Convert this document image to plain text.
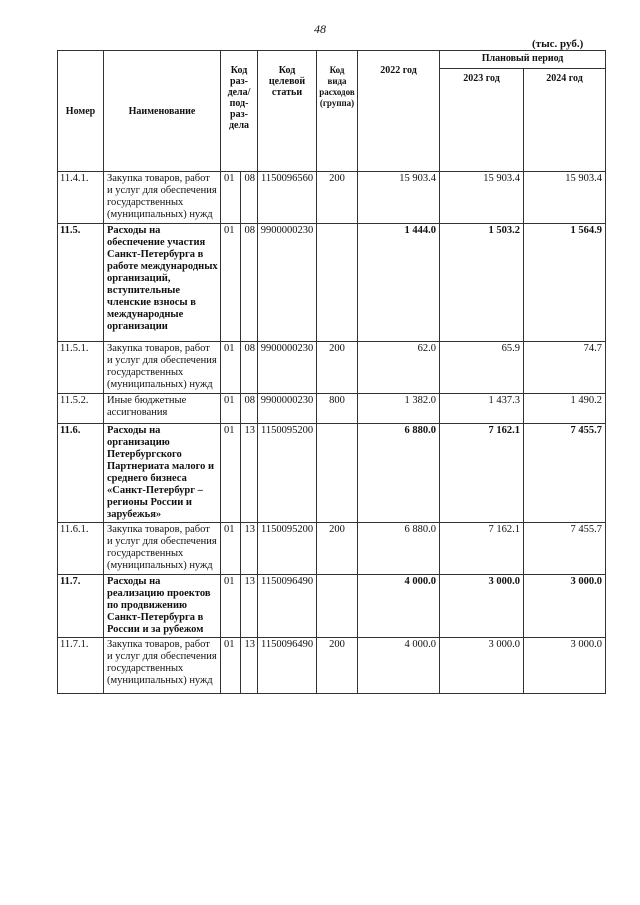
48
(тыс. руб.)
Номер	Наименование	Код раз- дела/ под- раз- дела		Код целевой статьи	Код вида расходов (группа)	2022 год	Плановый период	
							2023 год	2024 год
11.4.1.	Закупка товаров, работ и услуг для обеспечения государственных (муниципальных) нужд	01	08	1150096560	200	15 903.4	15 903.4	15 903.4
11.5.	Расходы на обеспечение участия Санкт-Петербурга в работе международных организаций, вступительные членские взносы в международные организации	01	08	9900000230		1 444.0	1 503.2	1 564.9
11.5.1.	Закупка товаров, работ и услуг для обеспечения государственных (муниципальных) нужд	01	08	9900000230	200	62.0	65.9	74.7
11.5.2.	Иные бюджетные ассигнования	01	08	9900000230	800	1 382.0	1 437.3	1 490.2
11.6.	Расходы на организацию Петербургского Партнериата малого и среднего бизнеса «Санкт-Петербург – регионы России и зарубежья»	01	13	1150095200		6 880.0	7 162.1	7 455.7
11.6.1.	Закупка товаров, работ и услуг для обеспечения государственных (муниципальных) нужд	01	13	1150095200	200	6 880.0	7 162.1	7 455.7
11.7.	Расходы на реализацию проектов по продвижению Санкт-Петербурга в России и за рубежом	01	13	1150096490		4 000.0	3 000.0	3 000.0
11.7.1.	Закупка товаров, работ и услуг для обеспечения государственных (муниципальных) нужд	01	13	1150096490	200	4 000.0	3 000.0	3 000.0
